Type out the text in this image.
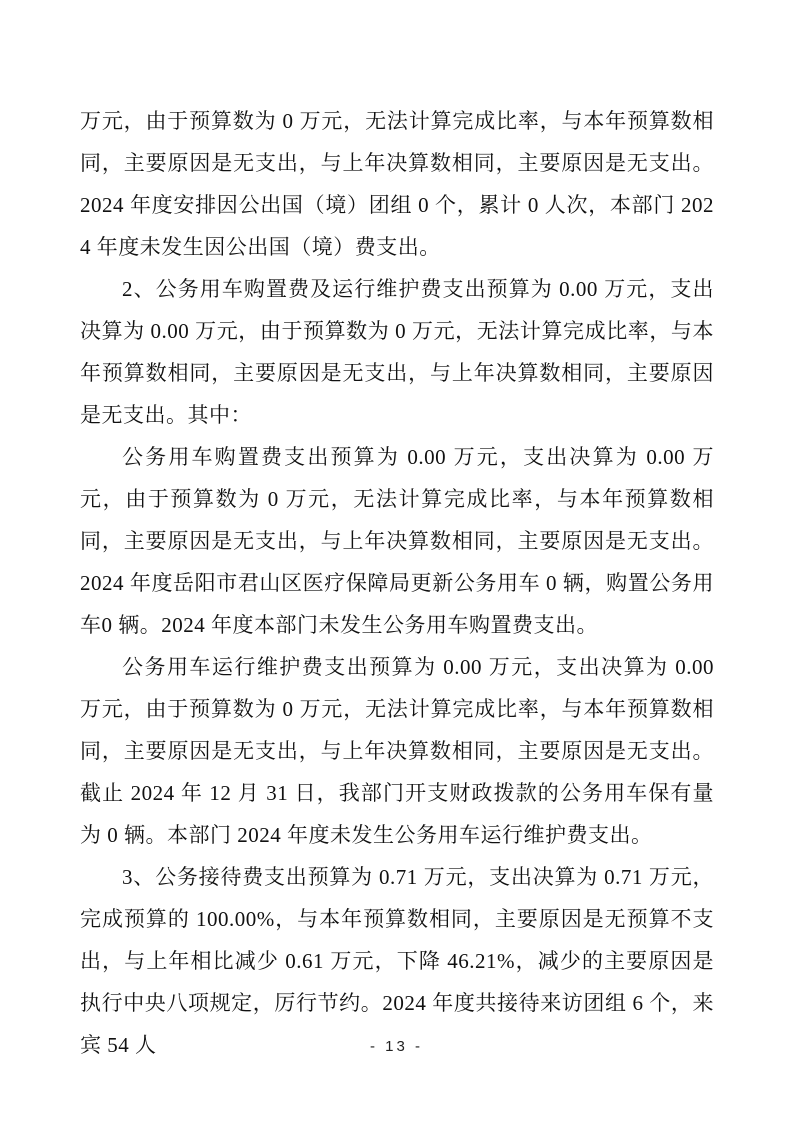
万元，由于预算数为 0 万元，无法计算完成比率，与本年预算数相同，主要原因是无支出，与上年决算数相同，主要原因是无支出。2024 年度安排因公出国（境）团组 0 个，累计 0 人次，本部门 2024 年度未发生因公出国（境）费支出。

2、公务用车购置费及运行维护费支出预算为 0.00 万元，支出决算为 0.00 万元，由于预算数为 0 万元，无法计算完成比率，与本年预算数相同，主要原因是无支出，与上年决算数相同，主要原因是无支出。其中：

公务用车购置费支出预算为 0.00 万元，支出决算为 0.00 万元，由于预算数为 0 万元，无法计算完成比率，与本年预算数相同，主要原因是无支出，与上年决算数相同，主要原因是无支出。2024 年度岳阳市君山区医疗保障局更新公务用车 0 辆，购置公务用车0 辆。2024 年度本部门未发生公务用车购置费支出。

公务用车运行维护费支出预算为 0.00 万元，支出决算为 0.00 万元，由于预算数为 0 万元，无法计算完成比率，与本年预算数相同，主要原因是无支出，与上年决算数相同，主要原因是无支出。截止 2024 年 12 月 31 日，我部门开支财政拨款的公务用车保有量为 0 辆。本部门 2024 年度未发生公务用车运行维护费支出。

3、公务接待费支出预算为 0.71 万元，支出决算为 0.71 万元，完成预算的 100.00%，与本年预算数相同，主要原因是无预算不支出，与上年相比减少 0.61 万元，下降 46.21%，减少的主要原因是执行中央八项规定，厉行节约。2024 年度共接待来访团组 6 个，来宾 54 人	- 13 -
